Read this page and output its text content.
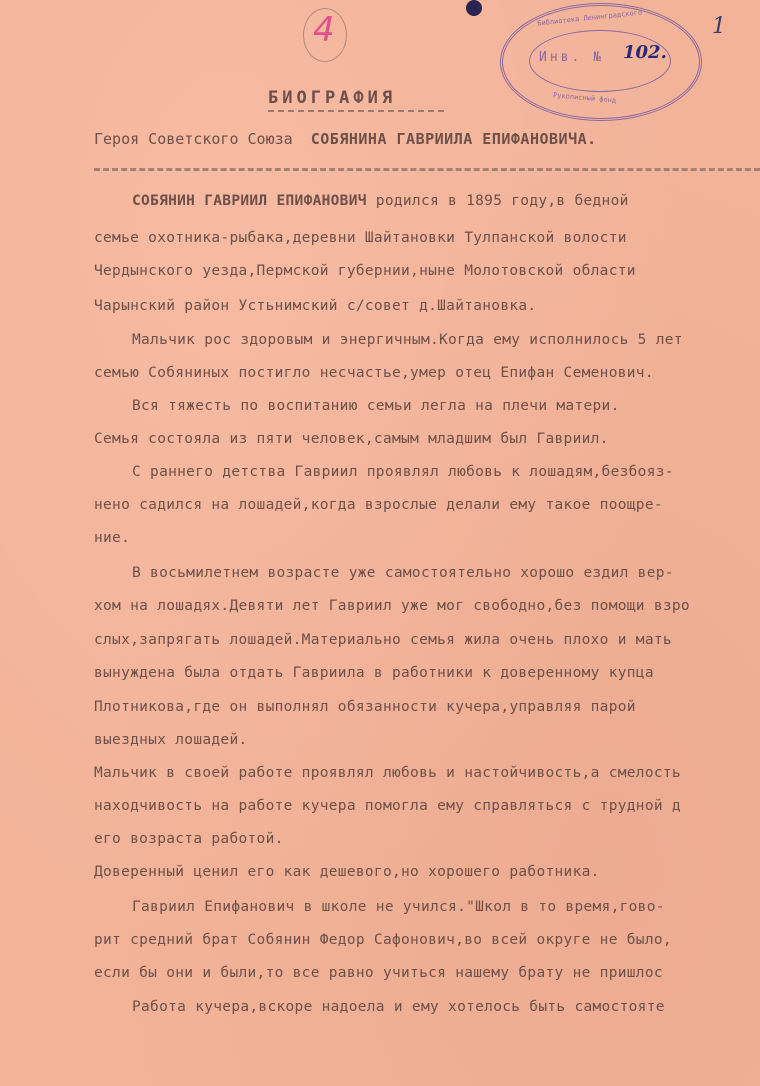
4	Библиотека Ленинградского
Инв. № 102.
Рукописный фонд
1
БИОГРАФИЯ
Героя Советского Союза СОБЯНИНА ГАВРИИЛА ЕПИФАНОВИЧА.
СОБЯНИН ГАВРИИЛ ЕПИФАНОВИЧ родился в 1895 году,в бедной
семье охотника-рыбака,деревни Шайтановки Тулпанской волости
Чердынского уезда,Пермской губернии,ныне Молотовской области
Чарынский район Устьнимский с/совет д.Шайтановка.
Мальчик рос здоровым и энергичным.Когда ему исполнилось 5 лет
семью Собяниных постигло несчастье,умер отец Епифан Семенович.
Вся тяжесть по воспитанию семьи легла на плечи матери.
Семья состояла из пяти человек,самым младшим был Гавриил.
С раннего детства Гавриил проявлял любовь к лошадям,безбояз-
нено садился на лошадей,когда взрослые делали ему такое поощре-
ние.
В восьмилетнем возрасте уже самостоятельно хорошо ездил вер-
хом на лошадях.Девяти лет Гавриил уже мог свободно,без помощи взро
слых,запрягать лошадей.Материально семья жила очень плохо и мать
вынуждена была отдать Гавриила в работники к доверенному купца
Плотникова,где он выполнял обязанности кучера,управляя парой
выездных лошадей.
Мальчик в своей работе проявлял любовь и настойчивость,а смелость
находчивость на работе кучера помогла ему справляться с трудной д
его возраста работой.
Доверенный ценил его как дешевого,но хорошего работника.
Гавриил Епифанович в школе не учился."Школ в то время,гово-
рит средний брат Собянин Федор Сафонович,во всей округе не было,
если бы они и были,то все равно учиться нашему брату не пришлос
Работа кучера,вскоре надоела и ему хотелось быть самостояте
